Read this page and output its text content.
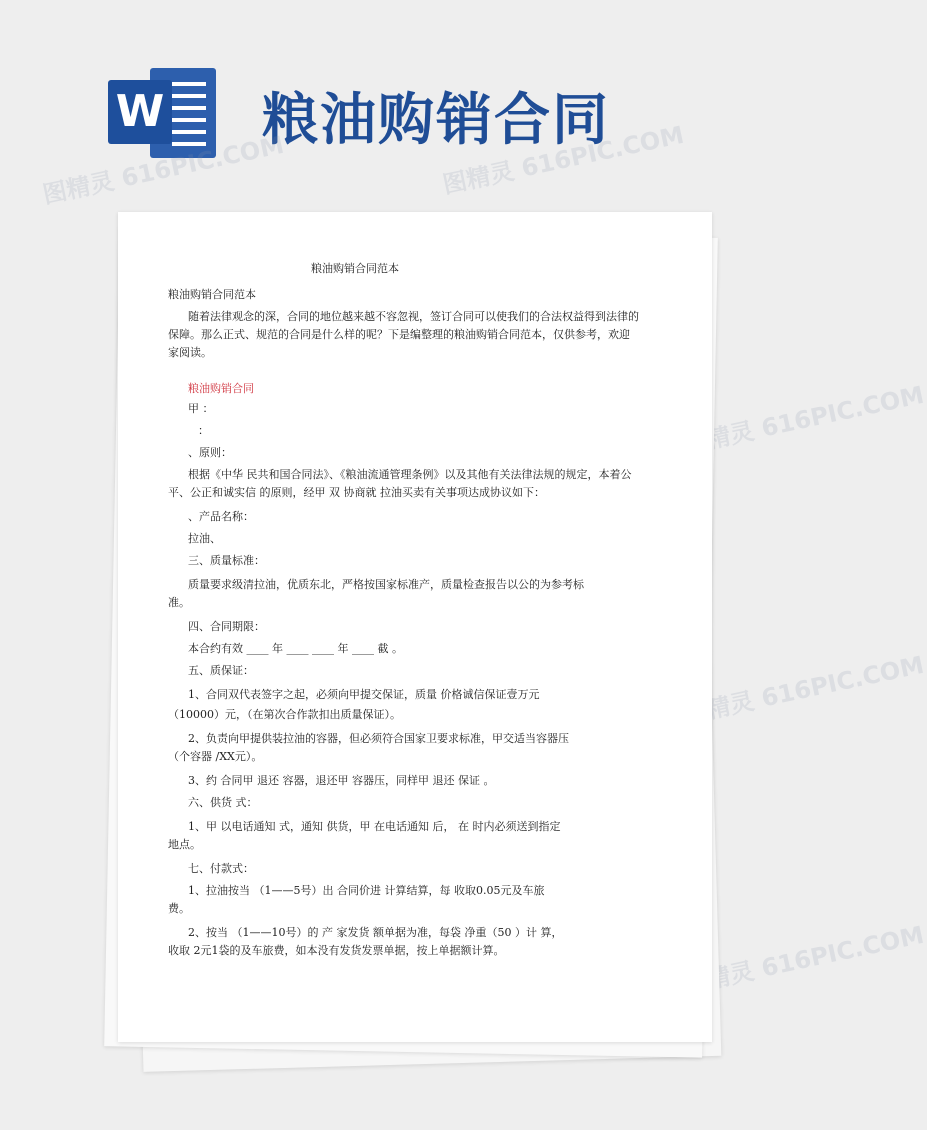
W 粮油购销合同
图精灵 616PIC.COM	图精灵 616PIC.COM
图精灵 616PIC.COM
图精灵 616PIC.COM
图精灵 616PIC.COM
粮油购销合同范本
粮油购销合同范本
随着法律观念的深，合同的地位越来越不容忽视，签订合同可以使我们的合法权益得到法律的
保障。那么正式、规范的合同是什么样的呢？下是编整理的粮油购销合同范本，仅供参考，欢迎
家阅读。
粮油购销合同
甲 ：
：
、原则：
根据《中华 民共和国合同法》、《粮油流通管理条例》以及其他有关法律法规的规定，本着公
平、公正和诚实信 的原则，经甲 双 协商就 拉油买卖有关事项达成协议如下：
、产品名称：
拉油、
三、质量标准：
质量要求级清拉油，优质东北，严格按国家标准产，质量检查报告以公的为参考标
准。
四、合同期限：
本合约有效 ____ 年 ____ ____ 年 ____ 截 。
五、质保证：
1、合同双代表签字之起，必须向甲提交保证，质量 价格诚信保证壹万元
（10000）元，（在第次合作款扣出质量保证）。
2、负责向甲提供装拉油的容器，但必须符合国家卫要求标准，甲交适当容器压
（个容器 /XX元）。
3、约 合同甲 退还 容器，退还甲 容器压，同样甲 退还 保证 。
六、供货 式：
1、甲 以电话通知 式，通知 供货，甲 在电话通知 后， 在 时内必须送到指定
地点。
七、付款式：
1、拉油按当 （1——5号）出 合同价进 计算结算，每 收取0.05元及车旅
费。
2、按当 （1——10号）的 产 家发货 额单据为准，每袋 净重（50 ）计 算，
收取 2元1袋的及车旅费，如本没有发货发票单据，按上单据额计算。
